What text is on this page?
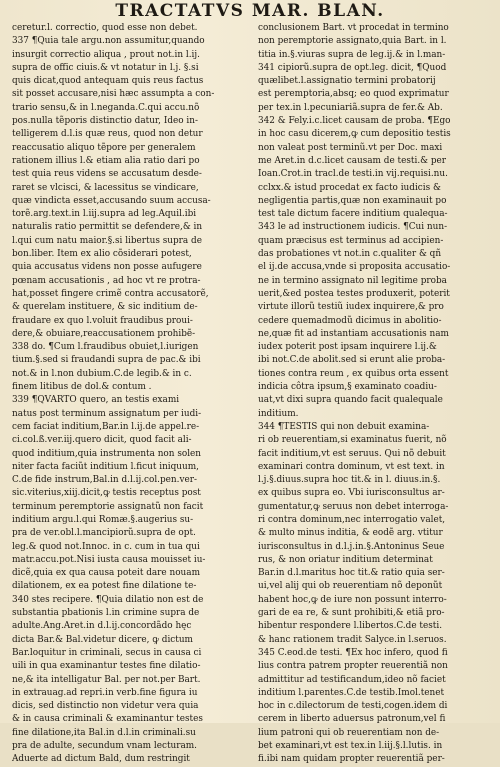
TRACTATVS MAR. BLAN.
ceretur.l. correctio, quod esse non debet.
337 ¶Quia tale argu.non assumitur,quando
insurgit correctio aliqua , prout not.in l.ij.
supra de offic ciuis.& vt notatur in l.j. §.si
quis dicat,quod antequam quis reus factus
sit posset accusare,nisi hæc assumpta a con-
trario sensu,& in l.neganda.C.qui accu.nõ
pos.nulla tẽporis distinctio datur, Ideo in-
telligerem d.l.is quæ reus, quod non detur
reaccusatio aliquo tẽpore per generalem
rationem illius l.& etiam alia ratio dari po
test quia reus videns se accusatum desde-
raret se vlcisci, & lacessitus se vindicare,
quæ vindicta esset,accusando suum accusa-
torẽ.arg.text.in l.iij.supra ad leg.Aquil.ibi
naturalis ratio permittit se defendere,& in
l.qui cum natu maior.§.si libertus supra de
bon.liber. Item ex alio cõsiderari potest,
quia accusatus videns non posse aufugere
pœnam accusationis , ad hoc vt re protra-
hat,posset fingere crimẽ contra accusatorẽ,
& querelam instituere, & sic inditium de-
fraudare ex quo l.voluit fraudibus proui-
dere,& obuiare,reaccusationem prohibẽ-
338 do. ¶Cum l.fraudibus obuiet,l.iurigen
tium.§.sed si fraudandi supra de pac.& ibi
not.& in l.non dubium.C.de legib.& in c.
finem litibus de dol.& contum .
339 ¶QVARTO quero, an testis exami
natus post terminum assignatum per iudi-
cem faciat inditium,Bar.in l.ij.de appel.re-
ci.col.ß.ver.iij.quero dicit, quod facit ali-
quod inditium,quia instrumenta non solen
niter facta faciũt inditium l.ficut iniquum,
C.de fide instrum,Bal.in d.l.ij.col.pen.ver-
sic.viterius,xiij.dicit,ꝙ testis receptus post
terminum peremptorie assignatũ non facit
inditium argu.l.qui Romæ.§.augerius su-
pra de ver.obl.l.mancipiorũ.supra de opt.
leg.& quod not.Innoc. in c. cum in tua qui
matr.accu.pot.Nisi iusta causa mouisset iu-
dicẽ,quia ex qua causa poteit dare nouam
dilationem, ex ea potest fine dilatione te-
340 stes recipere. ¶Quia dilatio non est de
substantia pbationis l.in crimine supra de
adulte.Ang.Aret.in d.l.ij.concordãdo hęc
dicta Bar.& Bal.videtur dicere, ꝙ dictum
Bar.loquitur in criminali, secus in causa ci
uili in qua examinantur testes fine dilatio-
ne,& ita intelligatur Bal. per not.per Bart.
in extrauag.ad repri.in verb.fine figura iu
dicis, sed distinctio non videtur vera quia
& in causa criminali & examinantur testes
fine dilatione,ita Bal.in d.l.in criminali.su
pra de adulte, secundum vnam lecturam.
Aduerte ad dictum Bald, dum restringit
conclusionem Bart. vt procedat in termino
non peremptorie assignato,quia Bart. in l.
titia in.§.viuras supra de leg.ij.& in l.man-
341 cipiorũ.supra de opt.leg. dicit, ¶Quod
quælibet.l.assignatio termini probatorij
est peremptoria,absq; eo quod exprimatur
per tex.in l.pecuniariã.supra de fer.& Ab.
342 & Fely.i.c.licet causam de proba. ¶Ego
in hoc casu dicerem,ꝙ cum depositio testis
non valeat post terminũ.vt per Doc. maxi
me Aret.in d.c.licet causam de testi.& per
Ioan.Crot.in tracl.de testi.in vij.requisi.nu.
cclxx.& istud procedat ex facto iudicis &
negligentia partis,quæ non examinauit po
test tale dictum facere inditium qualequa-
343 le ad instructionem iudicis. ¶Cui nun-
quam præcisus est terminus ad accipien-
das probationes vt not.in c.qualiter & qñ
el ij.de accusa,vnde si proposita accusatio-
ne in termino assignato nil legitime proba
uerit,&ed postea testes produxerit, poterit
virtute illorũ testiũ iudex inquirere,& pro
cedere quemadmodũ dicimus in abolitio-
ne,quæ fit ad instantiam accusationis nam
iudex poterit post ipsam inquirere l.ij.&
ibi not.C.de abolit.sed si erunt alie proba-
tiones contra reum , ex quibus orta essent
indicia côtra ipsum,§ examinato coadiu-
uat,vt dixi supra quando facit qualequale
inditium.
344 ¶TESTIS qui non debuit examina-
ri ob reuerentiam,si examinatus fuerit, nõ
facit inditium,vt est seruus. Qui nõ debuit
examinari contra dominum, vt est text. in
l.j.§.diuus.supra hoc tit.& in l. diuus.in.§.
ex quibus supra eo. Vbi iurisconsultus ar-
gumentatur,ꝙ seruus non debet interroga-
ri contra dominum,nec interrogatio valet,
& multo minus inditia, & eodẽ arg. vtitur
iurisconsultus in d.l.j.in.§.Antoninus Seue
rus, & non oriatur inditium determinat
Bar.in d.l.maritus hoc tit.& ratio quia ser-
ui,vel alij qui ob reuerentiam nõ deponũt
habent hoc,ꝙ de iure non possunt interro-
gari de ea re, & sunt prohibiti,& etiã pro-
hibentur respondere l.libertos.C.de testi.
& hanc rationem tradit Salyce.in l.seruos.
345 C.eod.de testi. ¶Ex hoc infero, quod fi
lius contra patrem propter reuerentiã non
admittitur ad testificandum,ideo nõ faciet
inditium l.parentes.C.de testib.Imol.tenet
hoc in c.dilectorum de testi,cogen.idem di
cerem in liberto aduersus patronum,vel fi
lium patroni qui ob reuerentiam non de-
bet examinari,vt est tex.in l.iij.§.l.lutis. in
fi.ibi nam quidam propter reuerentiã per-
